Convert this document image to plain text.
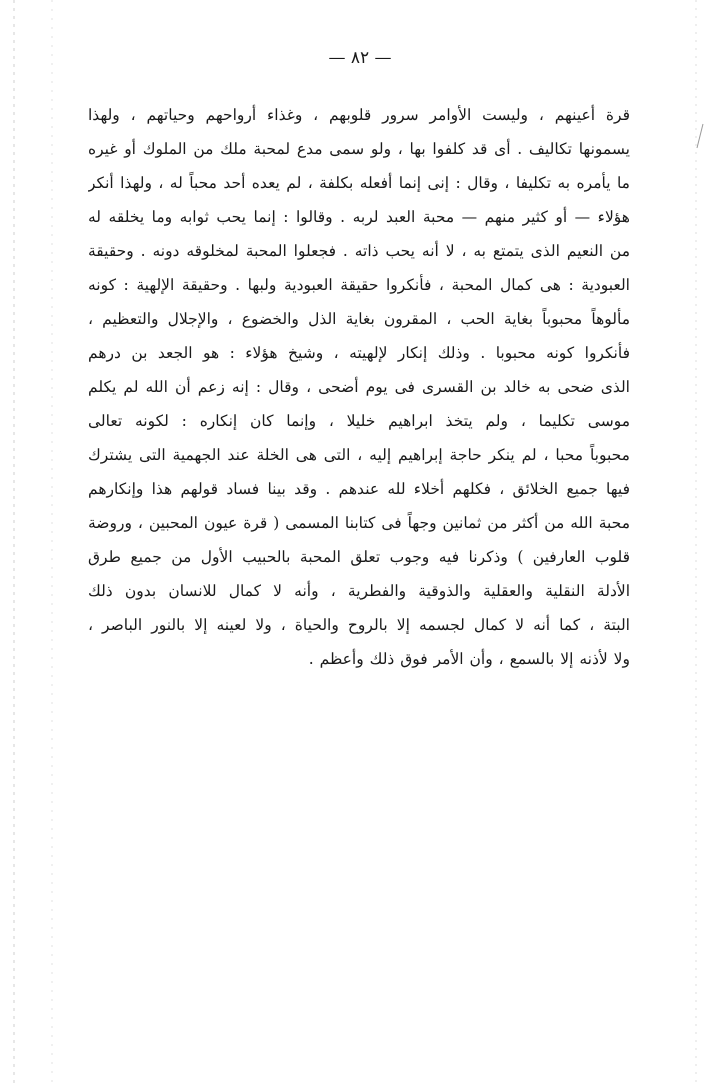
— ٨٢ —
قرة أعينهم ، وليست الأوامر سرور قلوبهم ، وغذاء أرواحهم وحياتهم ، ولهذا
يسمونها تكاليف . أى قد كلفوا بها ، ولو سمى مدع لمحبة ملك من الملوك أو غيره
ما يأمره به تكليفا ، وقال : إنى إنما أفعله بكلفة ، لم يعده أحد محباً له ، ولهذا أنكر
هؤلاء — أو كثير منهم — محبة العبد لربه . وقالوا : إنما يحب ثوابه وما يخلقه له
من النعيم الذى يتمتع به ، لا أنه يحب ذاته . فجعلوا المحبة لمخلوقه دونه . وحقيقة
العبودية : هى كمال المحبة ، فأنكروا حقيقة العبودية ولبها . وحقيقة الإلهية : كونه
مألوهاً محبوباً بغاية الحب ، المقرون بغاية الذل والخضوع ، والإجلال والتعظيم ،
فأنكروا كونه محبوبا . وذلك إنكار لإلهيته ، وشيخ هؤلاء : هو الجعد بن درهم
الذى ضحى به خالد بن القسرى فى يوم أضحى ، وقال : إنه زعم أن الله لم يكلم
موسى تكليما ، ولم يتخذ ابراهيم خليلا ، وإنما كان إنكاره : لكونه تعالى
محبوباً محبا ، لم ينكر حاجة إبراهيم إليه ، التى هى الخلة عند الجهمية التى يشترك
فيها جميع الخلائق ، فكلهم أخلاء لله عندهم . وقد بينا فساد قولهم هذا وإنكارهم
محبة الله من أكثر من ثمانين وجهاً فى كتابنا المسمى ( قرة عيون المحبين ، وروضة
قلوب العارفين ) وذكرنا فيه وجوب تعلق المحبة بالحبيب الأول من جميع طرق
الأدلة النقلية والعقلية والذوقية والفطرية ، وأنه لا كمال للانسان بدون ذلك
البتة ، كما أنه لا كمال لجسمه إلا بالروح والحياة ، ولا لعينه إلا بالنور الباصر ،
ولا لأذنه إلا بالسمع ، وأن الأمر فوق ذلك وأعظم .
